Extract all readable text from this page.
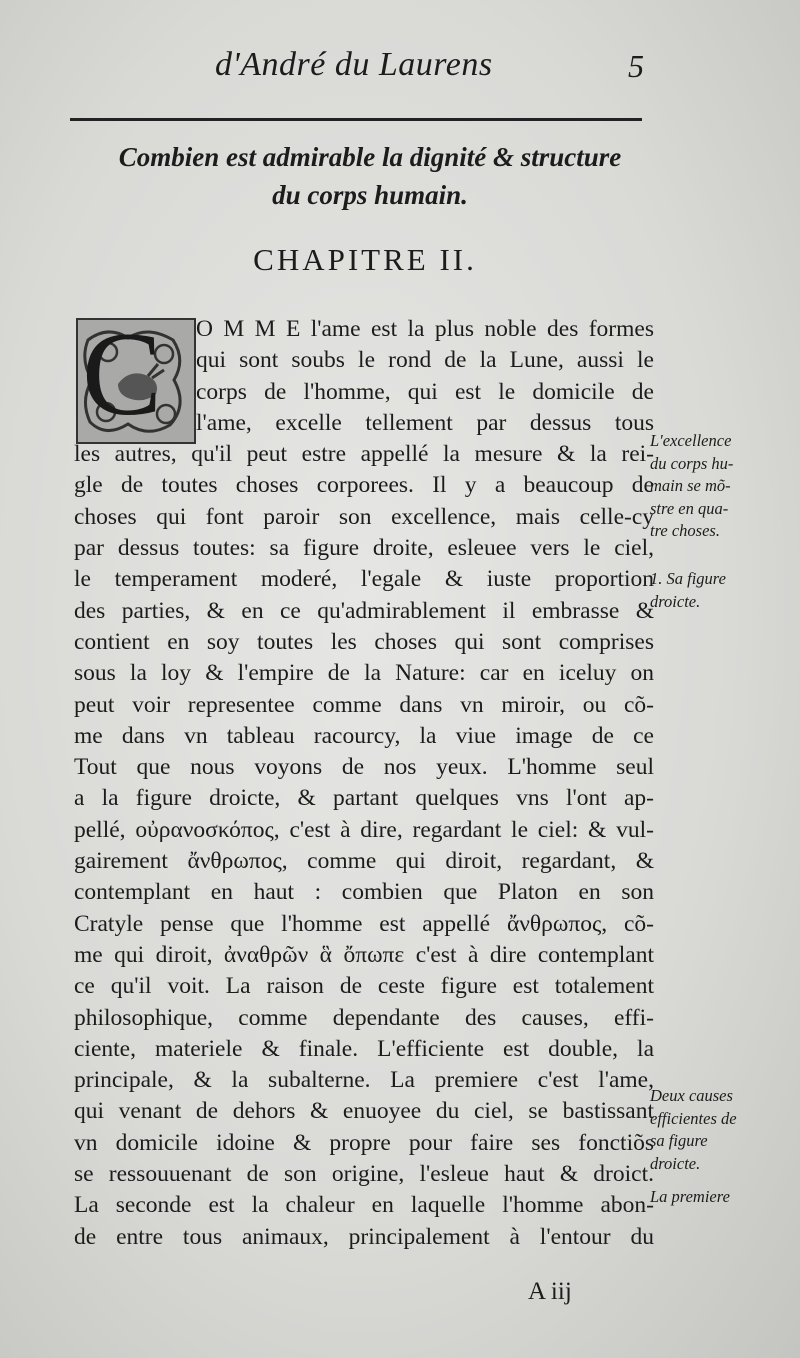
d'André du Laurens	5
Combien est admirable la dignité & structure
du corps humain.
CHAPITRE II.
C	O M M E l'ame est la plus noble des formes
qui sont soubs le rond de la Lune, aussi le
corps de l'homme, qui est le domicile de
l'ame, excelle tellement par dessus tous
les autres, qu'il peut estre appellé la mesure & la rei-
gle de toutes choses corporees. Il y a beaucoup de
choses qui font paroir son excellence, mais celle-cy
par dessus toutes: sa figure droite, esleuee vers le ciel,
le temperament moderé, l'egale & iuste proportion
des parties, & en ce qu'admirablement il embrasse &
contient en soy toutes les choses qui sont comprises
sous la loy & l'empire de la Nature: car en iceluy on
peut voir representee comme dans vn miroir, ou cõ-
me dans vn tableau racourcy, la viue image de ce
Tout que nous voyons de nos yeux. L'homme seul
a la figure droicte, & partant quelques vns l'ont ap-
pellé, οὐρανοσκόπος, c'est à dire, regardant le ciel: & vul-
gairement ἄνθρωπος, comme qui diroit, regardant, &
contemplant en haut : combien que Platon en son
Cratyle pense que l'homme est appellé ἄνθρωπος, cõ-
me qui diroit, ἀναθρῶν ἃ ὄπωπε c'est à dire contemplant
ce qu'il voit. La raison de ceste figure est totalement
philosophique, comme dependante des causes, effi-
ciente, materiele & finale. L'efficiente est double, la
principale, & la subalterne. La premiere c'est l'ame,
qui venant de dehors & enuoyee du ciel, se bastissant
vn domicile idoine & propre pour faire ses fonctiõs
se ressouuenant de son origine, l'esleue haut & droict.
La seconde est la chaleur en laquelle l'homme abon-
de entre tous animaux, principalement à l'entour du
L'excellence
du corps hu-
main se mõ-
stre en qua-
tre choses.
1. Sa figure
droicte.
Deux causes
efficientes de
sa figure
droicte.
La premiere
A iij
